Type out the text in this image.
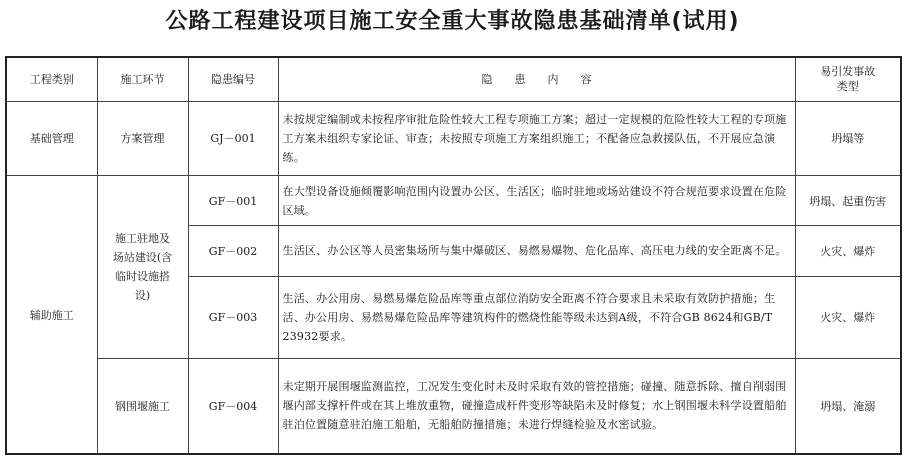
公路工程建设项目施工安全重大事故隐患基础清单(试用)
工程类别	施工环节	隐患编号	隐　　患　　内　　容	易引发事故类型
基础管理	方案管理	GJ－001	未按规定编制或未按程序审批危险性较大工程专项施工方案；超过一定规模的危险性较大工程的专项施工方案未组织专家论证、审查；未按照专项施工方案组织施工；不配备应急救援队伍，不开展应急演练。	坍塌等
辅助施工	施工驻地及场站建设(含临时设施搭设)	GF－001	在大型设备设施倾覆影响范围内设置办公区、生活区；临时驻地或场站建设不符合规范要求设置在危险区域。	坍塌、起重伤害
		GF－002	生活区、办公区等人员密集场所与集中爆破区、易燃易爆物、危化品库、高压电力线的安全距离不足。	火灾、爆炸
		GF－003	生活、办公用房、易燃易爆危险品库等重点部位消防安全距离不符合要求且未采取有效防护措施；生活、办公用房、易燃易爆危险品库等建筑构件的燃烧性能等级未达到A级，不符合GB 8624和GB/T 23932要求。	火灾、爆炸
	钢围堰施工	GF－004	未定期开展围堰监测监控，工况发生变化时未及时采取有效的管控措施；碰撞、随意拆除、擅自削弱围堰内部支撑杆件或在其上堆放重物，碰撞造成杆件变形等缺陷未及时修复；水上钢围堰未科学设置船舶驻泊位置随意驻泊施工船舶，无船舶防撞措施；未进行焊缝检验及水密试验。	坍塌、淹溺
